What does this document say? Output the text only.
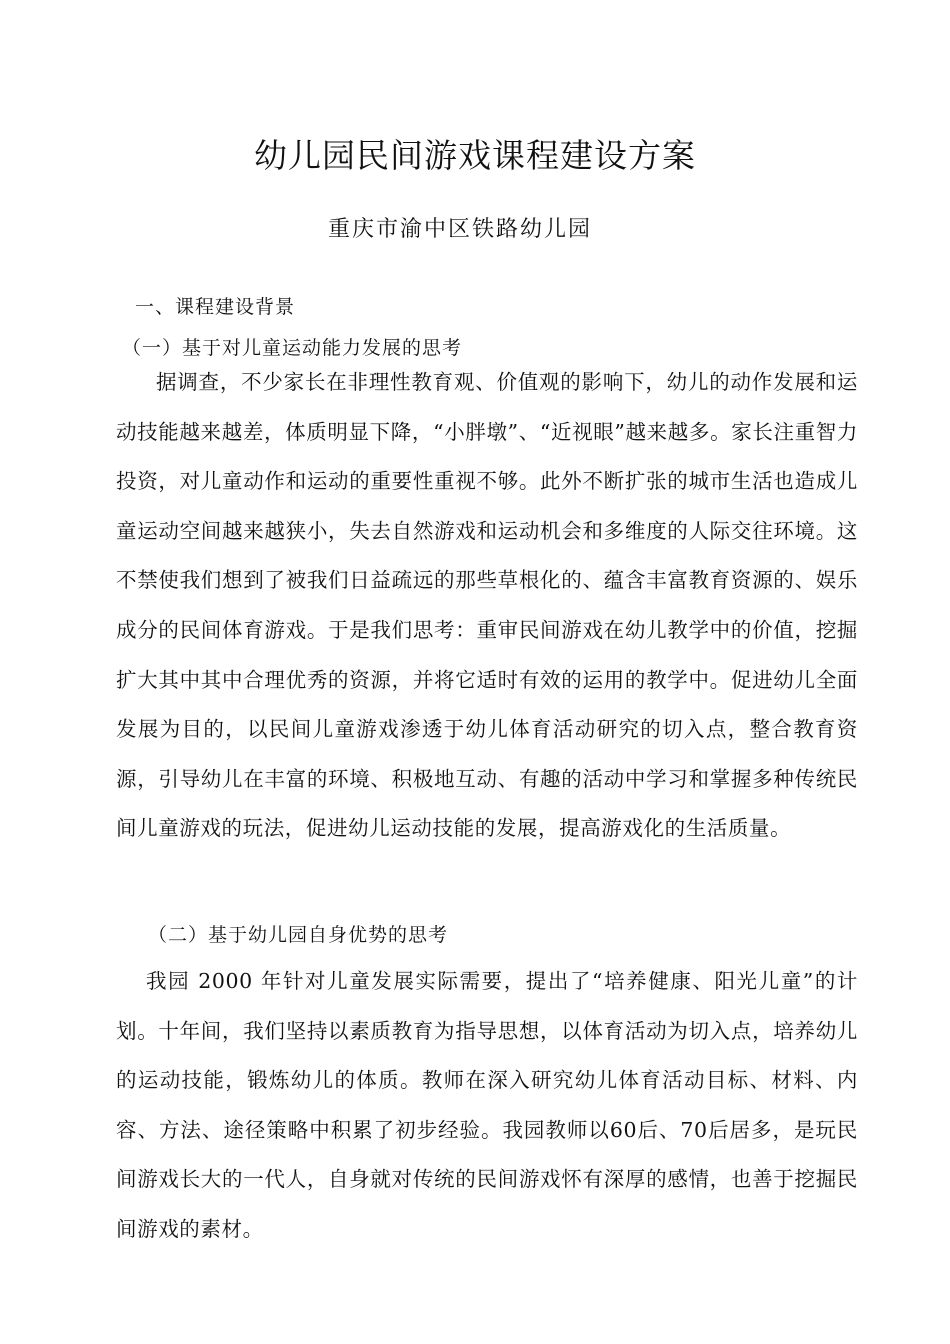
幼儿园民间游戏课程建设方案
重庆市渝中区铁路幼儿园
一、课程建设背景
（一）基于对儿童运动能力发展的思考
据调查，不少家长在非理性教育观、价值观的影响下，幼儿的动作发展和运动技能越来越差，体质明显下降，“小胖墩”、“近视眼”越来越多。家长注重智力投资，对儿童动作和运动的重要性重视不够。此外不断扩张的城市生活也造成儿童运动空间越来越狭小，失去自然游戏和运动机会和多维度的人际交往环境。这不禁使我们想到了被我们日益疏远的那些草根化的、蕴含丰富教育资源的、娱乐成分的民间体育游戏。于是我们思考：重审民间游戏在幼儿教学中的价值，挖掘扩大其中其中合理优秀的资源，并将它适时有效的运用的教学中。促进幼儿全面发展为目的，以民间儿童游戏渗透于幼儿体育活动研究的切入点，整合教育资源，引导幼儿在丰富的环境、积极地互动、有趣的活动中学习和掌握多种传统民间儿童游戏的玩法，促进幼儿运动技能的发展，提高游戏化的生活质量。
（二）基于幼儿园自身优势的思考
我园 2000 年针对儿童发展实际需要，提出了“培养健康、阳光儿童”的计划。十年间，我们坚持以素质教育为指导思想，以体育活动为切入点，培养幼儿的运动技能，锻炼幼儿的体质。教师在深入研究幼儿体育活动目标、材料、内容、方法、途径策略中积累了初步经验。我园教师以60后、70后居多，是玩民间游戏长大的一代人，自身就对传统的民间游戏怀有深厚的感情，也善于挖掘民间游戏的素材。
